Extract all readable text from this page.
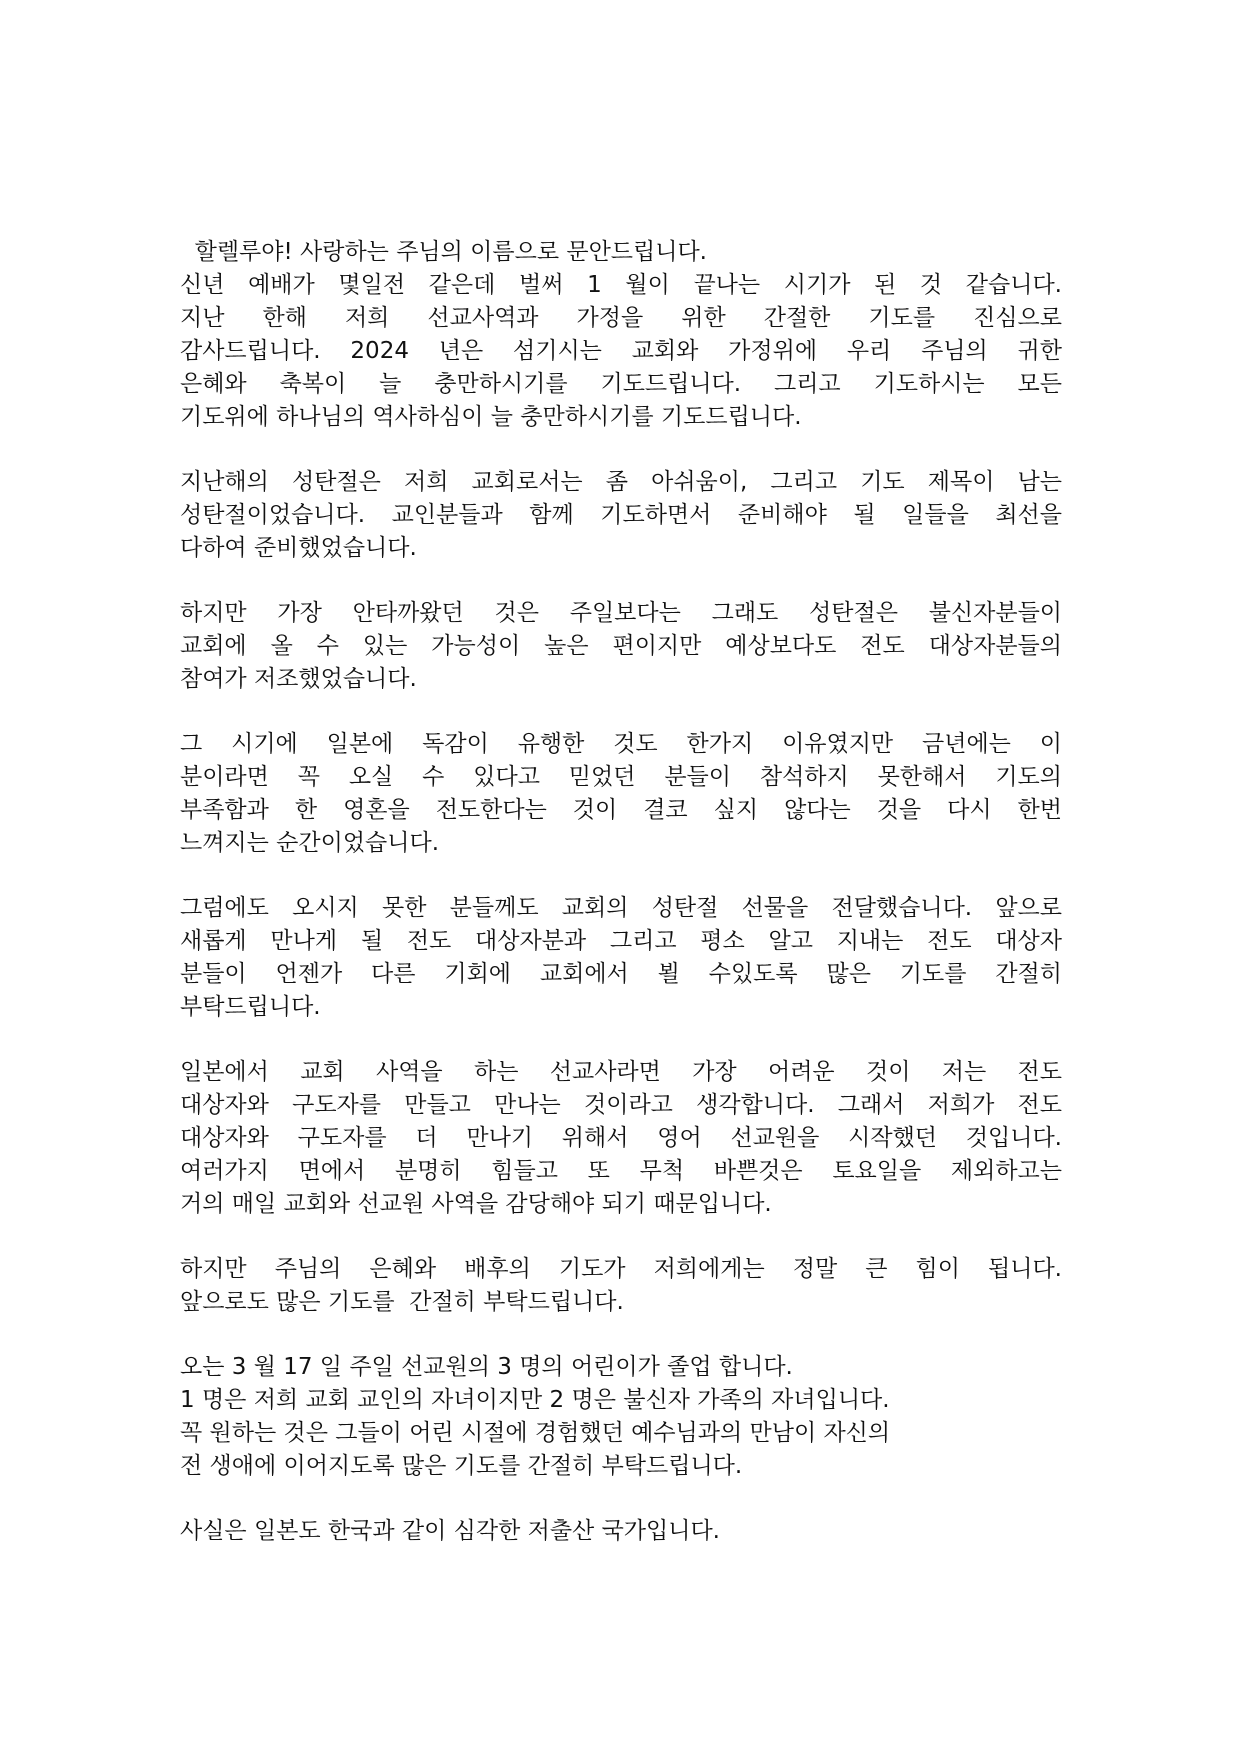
할렐루야! 사랑하는 주님의 이름으로 문안드립니다.
신년 예배가 몇일전 같은데 벌써 1 월이 끝나는 시기가 된 것 같습니다.
지난 한해 저희 선교사역과 가정을 위한 간절한 기도를 진심으로
감사드립니다. 2024 년은 섬기시는 교회와 가정위에 우리 주님의 귀한
은혜와 축복이 늘 충만하시기를 기도드립니다. 그리고 기도하시는 모든
기도위에 하나님의 역사하심이 늘 충만하시기를 기도드립니다.
지난해의 성탄절은 저희 교회로서는 좀 아쉬움이, 그리고 기도 제목이 남는
성탄절이었습니다. 교인분들과 함께 기도하면서 준비해야 될 일들을 최선을
다하여 준비했었습니다.
하지만 가장 안타까왔던 것은 주일보다는 그래도 성탄절은 불신자분들이
교회에 올 수 있는 가능성이 높은 편이지만 예상보다도 전도 대상자분들의
참여가 저조했었습니다.
그 시기에 일본에 독감이 유행한 것도 한가지 이유였지만 금년에는 이
분이라면 꼭 오실 수 있다고 믿었던 분들이 참석하지 못한해서 기도의
부족함과 한 영혼을 전도한다는 것이 결코 싶지 않다는 것을 다시 한번
느껴지는 순간이었습니다.
그럼에도 오시지 못한 분들께도 교회의 성탄절 선물을 전달했습니다. 앞으로
새롭게 만나게 될 전도 대상자분과 그리고 평소 알고 지내는 전도 대상자
분들이 언젠가 다른 기회에 교회에서 뵐 수있도록 많은 기도를 간절히
부탁드립니다.
일본에서 교회 사역을 하는 선교사라면 가장 어려운 것이 저는 전도
대상자와 구도자를 만들고 만나는 것이라고 생각합니다. 그래서 저희가 전도
대상자와 구도자를 더 만나기 위해서 영어 선교원을 시작했던 것입니다.
여러가지 면에서 분명히 힘들고 또 무척 바쁜것은 토요일을 제외하고는
거의 매일 교회와 선교원 사역을 감당해야 되기 때문입니다.
하지만 주님의 은혜와 배후의 기도가 저희에게는 정말 큰 힘이 됩니다.
앞으로도 많은 기도를  간절히 부탁드립니다.
오는 3 월 17 일 주일 선교원의 3 명의 어린이가 졸업 합니다.
1 명은 저희 교회 교인의 자녀이지만 2 명은 불신자 가족의 자녀입니다.
꼭 원하는 것은 그들이 어린 시절에 경험했던 예수님과의 만남이 자신의
전 생애에 이어지도록 많은 기도를 간절히 부탁드립니다.
사실은 일본도 한국과 같이 심각한 저출산 국가입니다.
